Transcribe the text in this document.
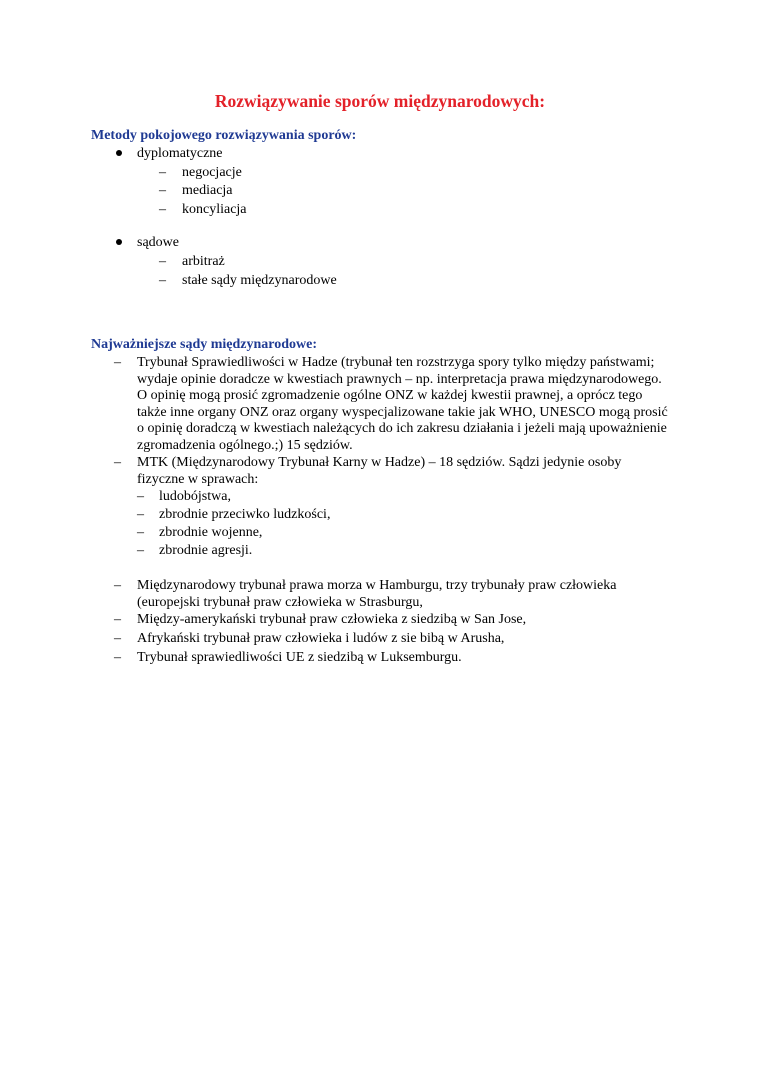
Rozwiązywanie sporów międzynarodowych:
Metody pokojowego rozwiązywania sporów:
dyplomatyczne
– negocjacje
– mediacja
– koncyliacja
sądowe
– arbitraż
– stałe sądy międzynarodowe
Najważniejsze sądy międzynarodowe:
– Trybunał Sprawiedliwości w Hadze (trybunał ten rozstrzyga spory tylko między państwami;
wydaje opinie doradcze w kwestiach prawnych – np. interpretacja prawa międzynarodowego.
O opinię mogą prosić zgromadzenie ogólne ONZ w każdej kwestii prawnej, a oprócz tego
także inne organy ONZ oraz organy wyspecjalizowane takie jak WHO, UNESCO mogą prosić
o opinię doradczą w kwestiach należących do ich zakresu działania i jeżeli mają upoważnienie
zgromadzenia ogólnego.;) 15 sędziów.
– MTK (Międzynarodowy Trybunał Karny w Hadze) – 18 sędziów. Sądzi jedynie osoby
fizyczne w sprawach:
– ludobójstwa,
– zbrodnie przeciwko ludzkości,
– zbrodnie wojenne,
– zbrodnie agresji.
– Międzynarodowy trybunał prawa morza w Hamburgu, trzy trybunały praw człowieka
(europejski trybunał praw człowieka w Strasburgu,
– Między-amerykański trybunał praw człowieka z siedzibą w San Jose,
– Afrykański trybunał praw człowieka i ludów z sie bibą w Arusha,
– Trybunał sprawiedliwości UE z siedzibą w Luksemburgu.
